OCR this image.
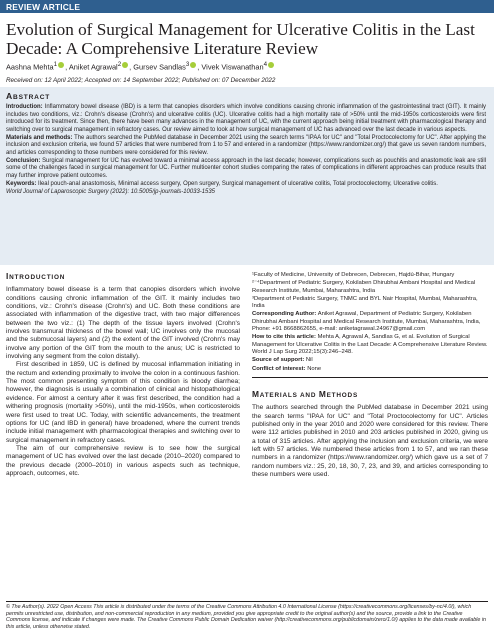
REVIEW ARTICLE
Evolution of Surgical Management for Ulcerative Colitis in the Last Decade: A Comprehensive Literature Review
Aashna Mehta$^1$ , Aniket Agrawal$^2$ , Gursev Sandlas$^3$ , Vivek Viswanathan$^4$
Received on: 12 April 2022; Accepted on: 14 September 2022; Published on: 07 December 2022
ABSTRACT

Introduction: Inflammatory bowel disease (IBD) is a term that canopies disorders which involve conditions causing chronic inflammation of the gastrointestinal tract (GIT). It mainly includes two conditions, viz.: Crohn's disease (Crohn's) and ulcerative colitis (UC). Ulcerative colitis had a high mortality rate of >50% until the mid-1950s corticosteroids were first introduced for its treatment. Since then, there have been many advances in the management of UC, with the current approach being initial treatment with pharmacological therapy and switching over to surgical management in refractory cases. Our review aimed to look at how surgical management of UC has advanced over the last decade in various aspects.

Materials and methods: The authors searched the PubMed database in December 2021 using the search terms "IPAA for UC" and "Total Proctocolectomy for UC". After applying the inclusion and exclusion criteria, we found 57 articles that were numbered from 1 to 57 and entered in a randomizer (https://www.randomizer.org/) that gave us seven random numbers, and articles corresponding to those numbers were considered for this review.

Conclusion: Surgical management for UC has evolved toward a minimal access approach in the last decade; however, complications such as pouchitis and anastomotic leak are still some of the challenges faced in surgical management for UC. Further multicenter cohort studies comparing the rates of complications in different approaches can produce results that may further improve patient outcomes.

Keywords: Ileal pouch-anal anastomosis, Minimal access surgery, Open surgery, Surgical management of ulcerative colitis, Total proctocolectomy, Ulcerative colitis.

World Journal of Laparoscopic Surgery (2022): 10.5005/jp-journals-10033-1535

INTRODUCTION

Inflammatory bowel disease is a term that canopies disorders which involve conditions causing chronic inflammation of the GIT. It mainly includes two conditions, viz.: Crohn's disease (Crohn's) and UC. Both these conditions are associated with inflammation of the digestive tract, with two major differences between the two viz.: (1) The depth of the tissue layers involved (Crohn's involves transmural thickness of the bowel wall; UC involves only the mucosal and the submucosal layers) and (2) the extent of the GIT involved (Crohn's may involve any portion of the GIT from the mouth to the anus; UC is restricted to involving any segment from the colon distally).

First described in 1859, UC is defined by mucosal inflammation initiating in the rectum and extending proximally to involve the colon in a continuous fashion. The most common presenting symptom of this condition is bloody diarrhea; however, the diagnosis is usually a combination of clinical and histopathological evidence. For almost a century after it was first described, the condition had a withering prognosis (mortality >50%), until the mid-1950s, when corticosteroids were first used to treat UC. Today, with scientific advancements, the treatment options for UC (and IBD in general) have broadened, where the current trends include initial management with pharmacological therapies and switching over to surgical management in refractory cases.

The aim of our comprehensive review is to see how the surgical management of UC has evolved over the last decade (2010–2020) compared to the previous decade (2000–2010) in various aspects such as technique, approach, outcomes, etc.

¹Faculty of Medicine, University of Debrecen, Debrecen, Hajdú-Bihar, Hungary

²⁻⁴Department of Pediatric Surgery, Kokilaben Dhirubhai Ambani Hospital and Medical Research Institute, Mumbai, Maharashtra, India

³Department of Pediatric Surgery, TNMC and BYL Nair Hospital, Mumbai, Maharashtra, India

Corresponding Author: Aniket Agrawal, Department of Pediatric Surgery, Kokilaben Dhirubhai Ambani Hospital and Medical Research Institute, Mumbai, Maharashtra, India, Phone: +91 8668862655, e-mail: aniketagrawal.24967@gmail.com

How to cite this article: Mehta A, Agrawal A, Sandlas G, et al. Evolution of Surgical Management for Ulcerative Colitis in the Last Decade: A Comprehensive Literature Review. World J Lap Surg 2022;15(3):246–248.

Source of support: Nil

Conflict of interest: None

MATERIALS AND METHODS

The authors searched through the PubMed database in December 2021 using the search terms "IPAA for UC" and "Total Proctocolectomy for UC". Articles published only in the year 2010 and 2020 were considered for this review. There were 112 articles published in 2010 and 203 articles published in 2020, giving us a total of 315 articles. After applying the inclusion and exclusion criteria, we were left with 57 articles. We numbered these articles from 1 to 57, and we ran these numbers in a randomizer (https://www.randomizer.org/) which gave us a set of 7 random numbers viz.: 25, 20, 18, 30, 7, 23, and 39, and articles corresponding to these numbers were used.

© The Author(s). 2022 Open Access This article is distributed under the terms of the Creative Commons Attribution 4.0 International License (https://creativecommons.org/licenses/by-nc/4.0/), which permits unrestricted use, distribution, and non-commercial reproduction in any medium, provided you give appropriate credit to the original author(s) and the source, provide a link to the Creative Commons license, and indicate if changes were made. The Creative Commons Public Domain Dedication waiver (http://creativecommons.org/publicdomain/zero/1.0/) applies to the data made available in this article, unless otherwise stated.
